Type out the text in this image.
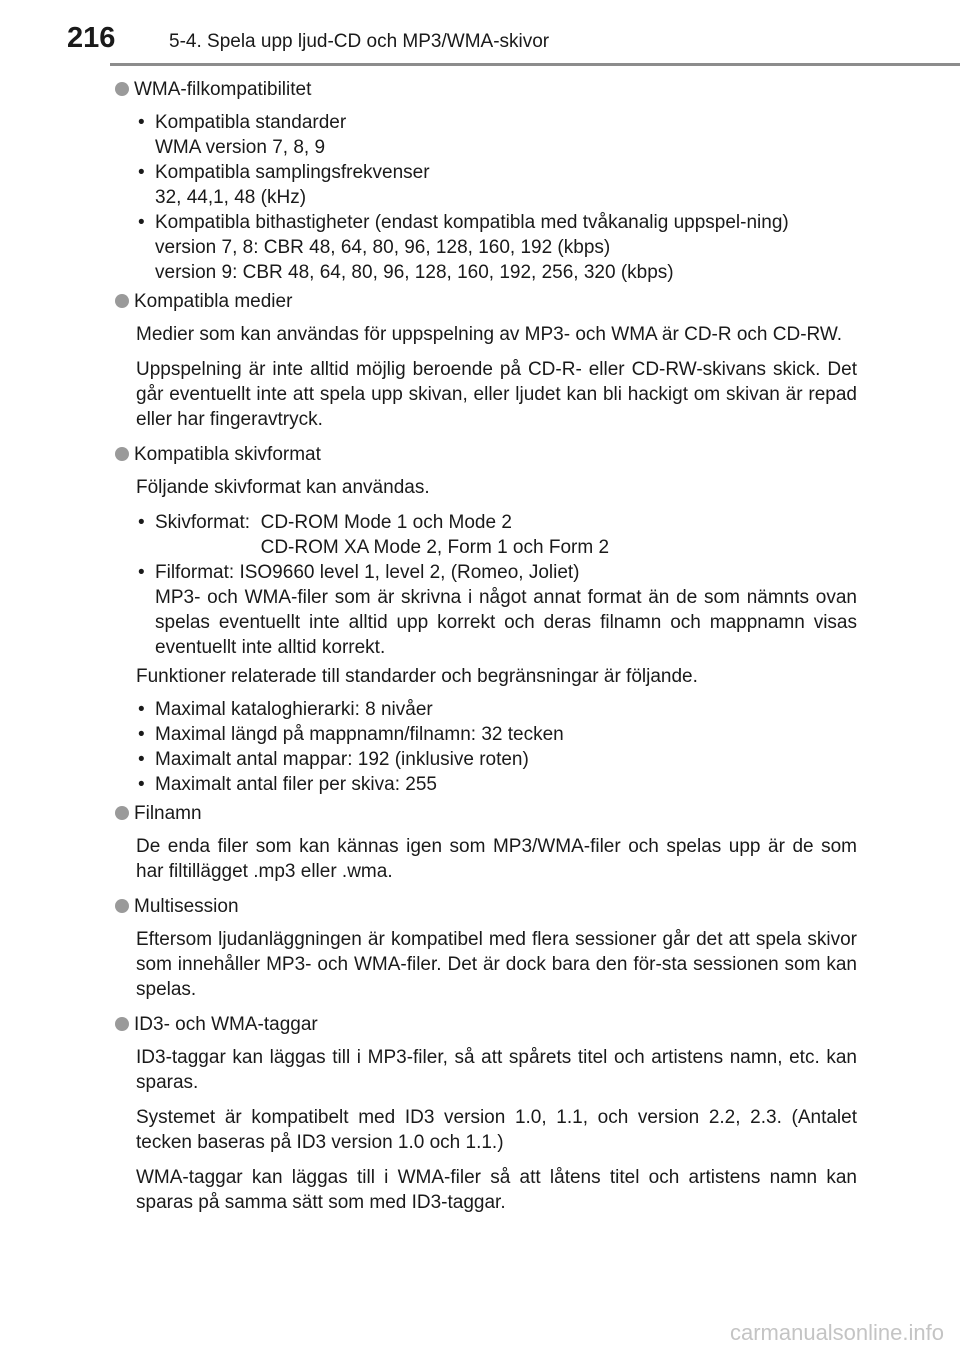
216	5-4. Spela upp ljud-CD och MP3/WMA-skivor

WMA-filkompatibilitet

• Kompatibla standarder
WMA version 7, 8, 9
• Kompatibla samplingsfrekvenser
32, 44,1, 48 (kHz)
• Kompatibla bithastigheter (endast kompatibla med tvåkanalig uppspel-ning)
version 7, 8: CBR 48, 64, 80, 96, 128, 160, 192 (kbps)
version 9: CBR 48, 64, 80, 96, 128, 160, 192, 256, 320 (kbps)

Kompatibla medier

Medier som kan användas för uppspelning av MP3- och WMA är CD-R och CD-RW.

Uppspelning är inte alltid möjlig beroende på CD-R- eller CD-RW-skivans skick. Det går eventuellt inte att spela upp skivan, eller ljudet kan bli hackigt om skivan är repad eller har fingeravtryck.

Kompatibla skivformat

Följande skivformat kan användas.

• Skivformat:
CD-ROM Mode 1 och Mode 2
CD-ROM XA Mode 2, Form 1 och Form 2
• Filformat: ISO9660 level 1, level 2, (Romeo, Joliet)
MP3- och WMA-filer som är skrivna i något annat format än de som nämnts ovan spelas eventuellt inte alltid upp korrekt och deras filnamn och mappnamn visas eventuellt inte alltid korrekt.

Funktioner relaterade till standarder och begränsningar är följande.

• Maximal kataloghierarki: 8 nivåer
• Maximal längd på mappnamn/filnamn: 32 tecken
• Maximalt antal mappar: 192 (inklusive roten)
• Maximalt antal filer per skiva: 255

Filnamn

De enda filer som kan kännas igen som MP3/WMA-filer och spelas upp är de som har filtillägget .mp3 eller .wma.

Multisession

Eftersom ljudanläggningen är kompatibel med flera sessioner går det att spela skivor som innehåller MP3- och WMA-filer. Det är dock bara den för-sta sessionen som kan spelas.

ID3- och WMA-taggar

ID3-taggar kan läggas till i MP3-filer, så att spårets titel och artistens namn, etc. kan sparas.

Systemet är kompatibelt med ID3 version 1.0, 1.1, och version 2.2, 2.3. (Antalet tecken baseras på ID3 version 1.0 och 1.1.)

WMA-taggar kan läggas till i WMA-filer så att låtens titel och artistens namn kan sparas på samma sätt som med ID3-taggar.

carmanualsonline.info
